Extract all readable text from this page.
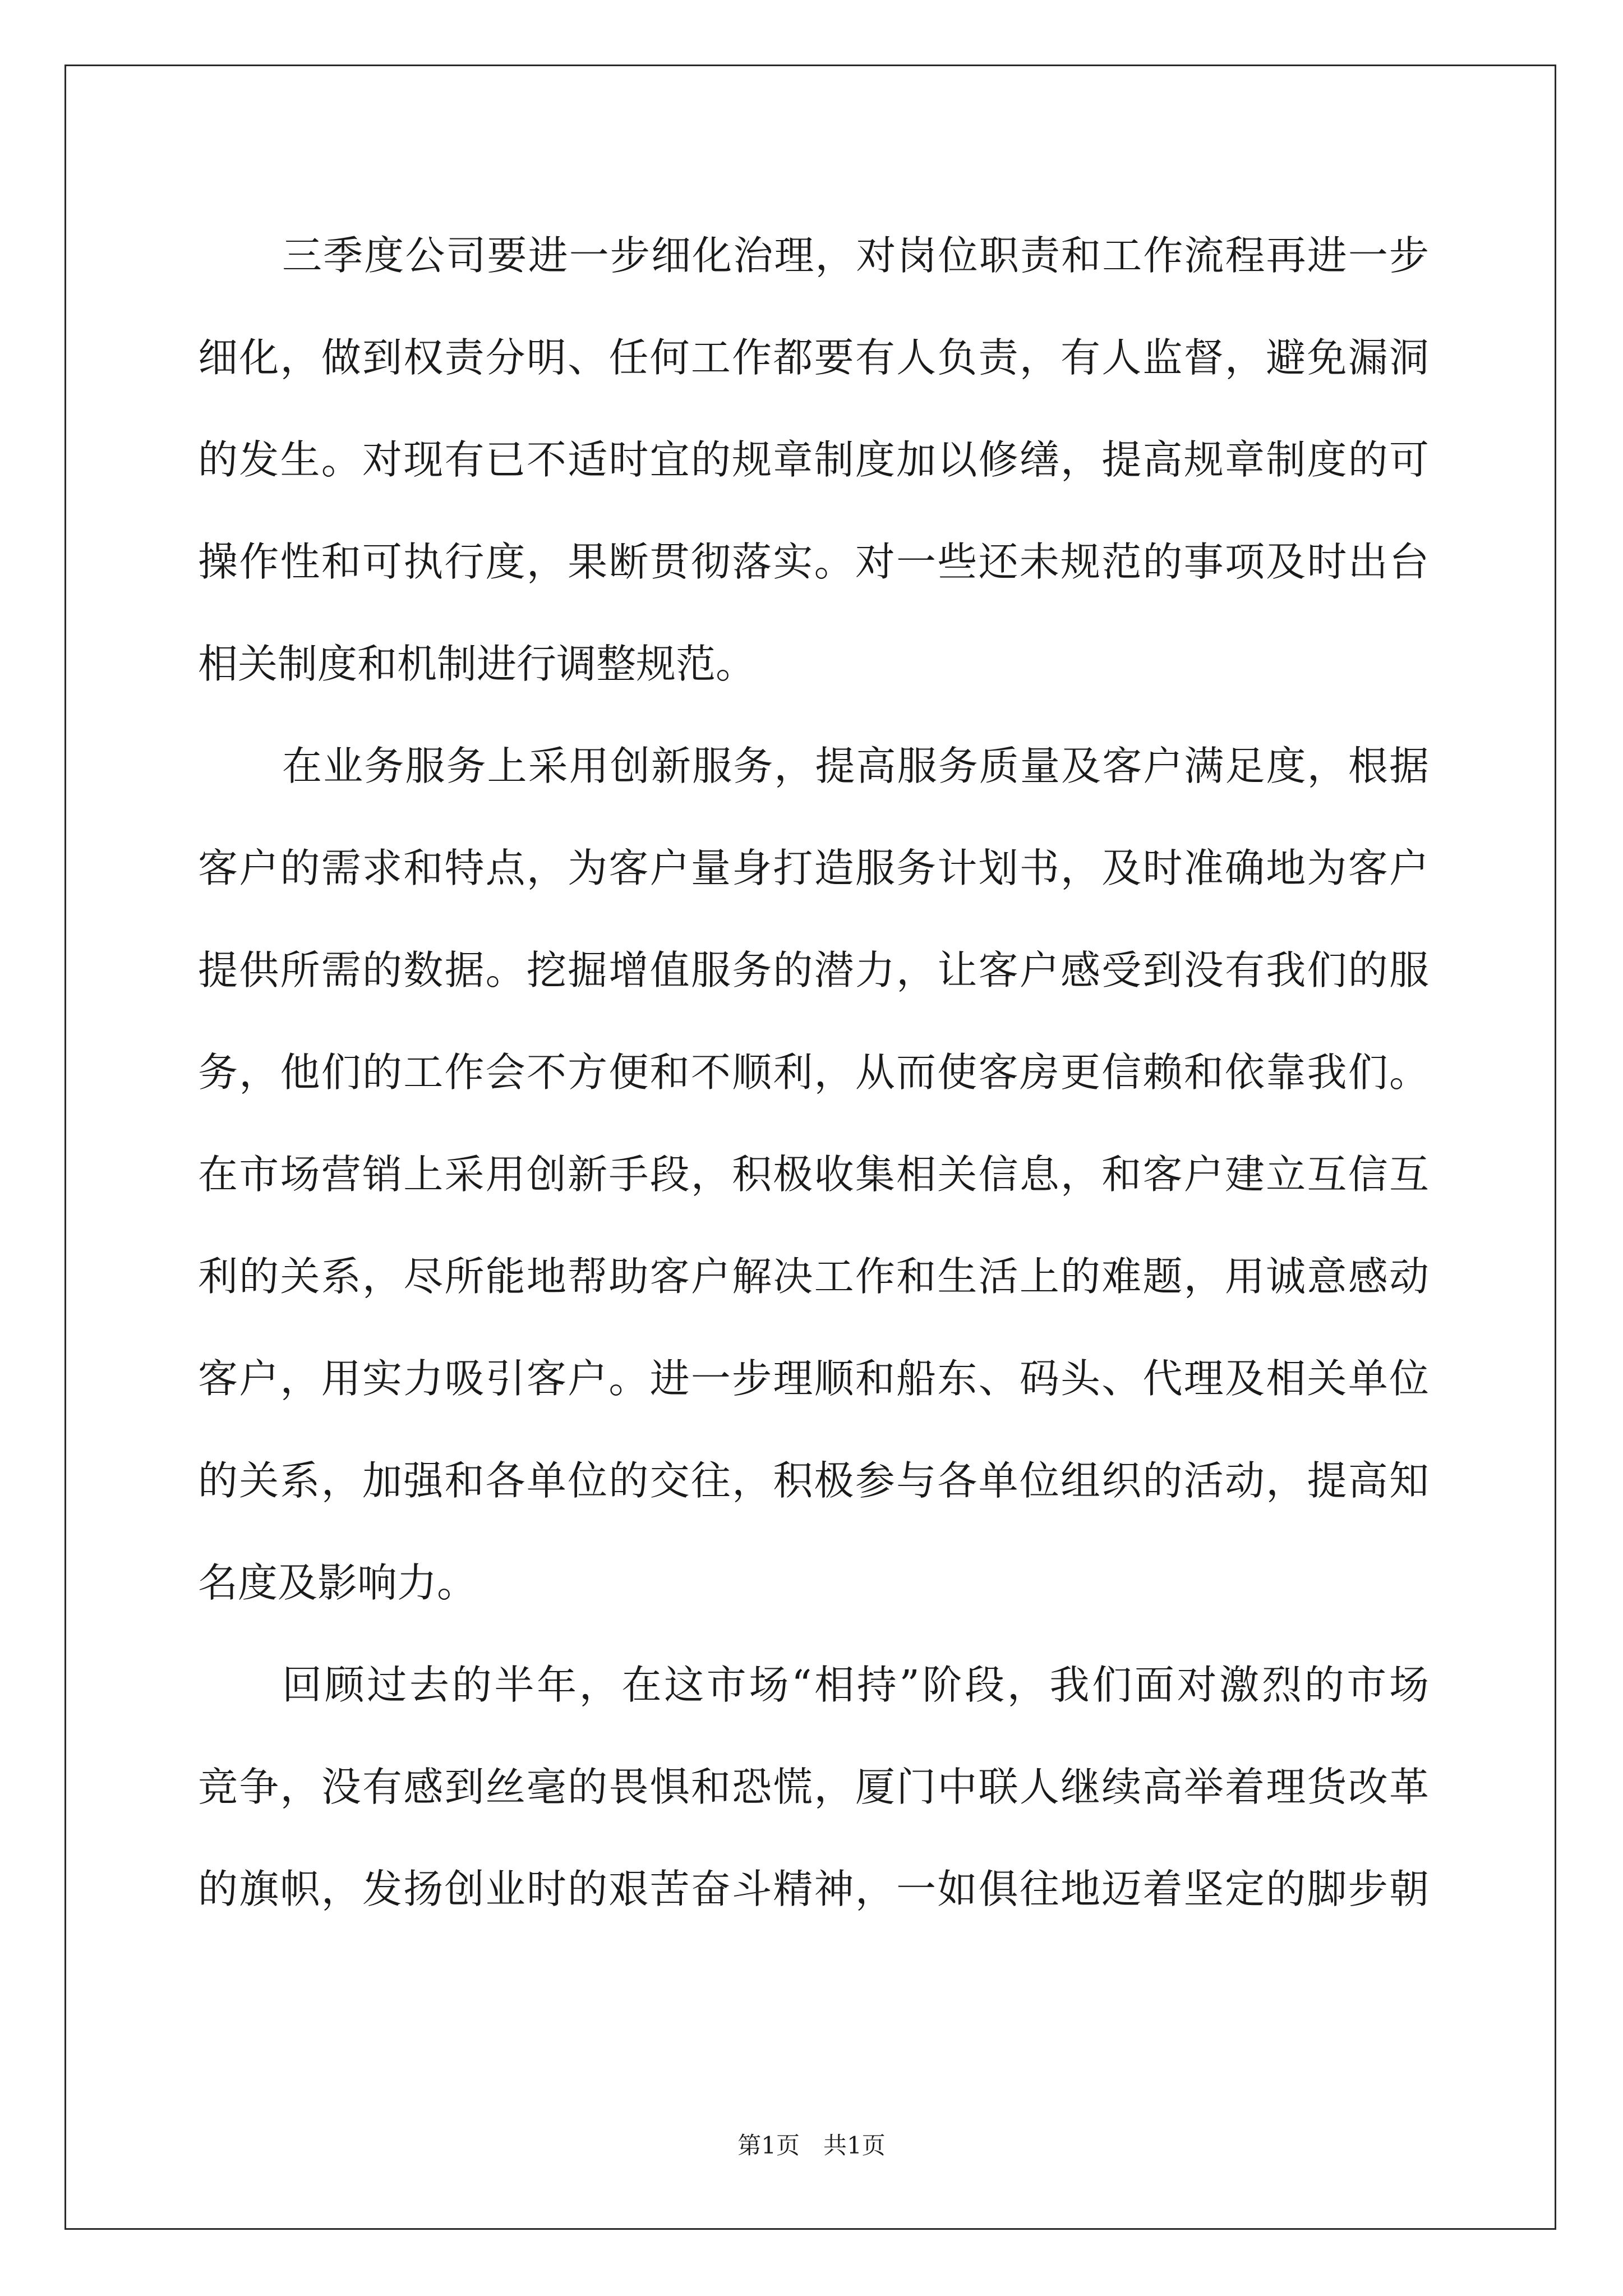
三季度公司要进一步细化治理，对岗位职责和工作流程再进一步
细化，做到权责分明、任何工作都要有人负责，有人监督，避免漏洞
的发生。对现有已不适时宜的规章制度加以修缮，提高规章制度的可
操作性和可执行度，果断贯彻落实。对一些还未规范的事项及时出台
相关制度和机制进行调整规范。
在业务服务上采用创新服务，提高服务质量及客户满足度，根据
客户的需求和特点，为客户量身打造服务计划书，及时准确地为客户
提供所需的数据。挖掘增值服务的潜力，让客户感受到没有我们的服
务，他们的工作会不方便和不顺利，从而使客房更信赖和依靠我们。
在市场营销上采用创新手段，积极收集相关信息，和客户建立互信互
利的关系，尽所能地帮助客户解决工作和生活上的难题，用诚意感动
客户，用实力吸引客户。进一步理顺和船东、码头、代理及相关单位
的关系，加强和各单位的交往，积极参与各单位组织的活动，提高知
名度及影响力。
回顾过去的半年，在这市场“相持”阶段，我们面对激烈的市场
竞争，没有感到丝毫的畏惧和恐慌，厦门中联人继续高举着理货改革
的旗帜，发扬创业时的艰苦奋斗精神，一如俱往地迈着坚定的脚步朝
第1页　共1页
